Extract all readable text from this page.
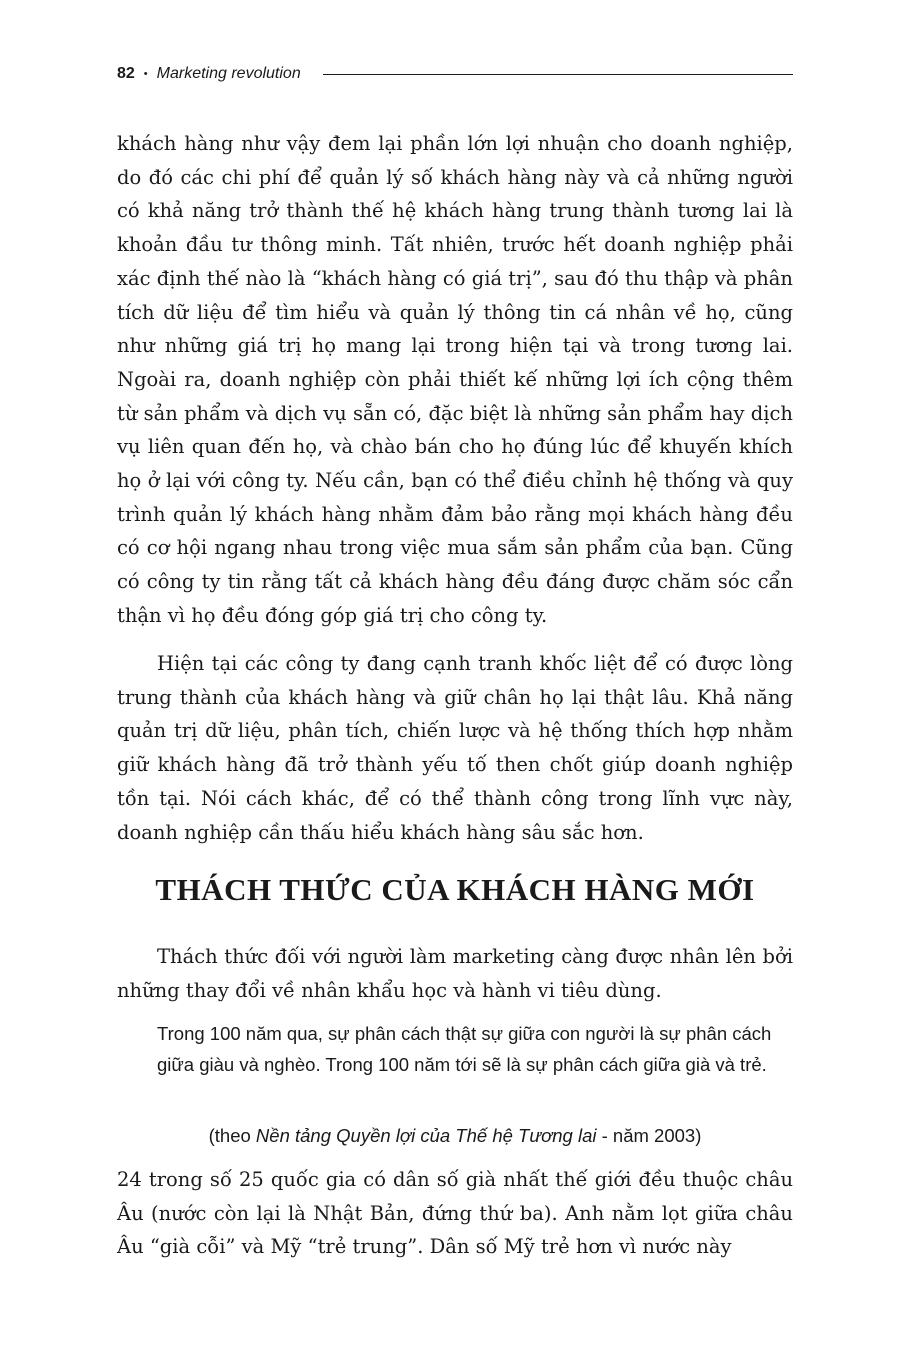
82 • Marketing revolution

khách hàng như vậy đem lại phần lớn lợi nhuận cho doanh nghiệp, do đó các chi phí để quản lý số khách hàng này và cả những người có khả năng trở thành thế hệ khách hàng trung thành tương lai là khoản đầu tư thông minh. Tất nhiên, trước hết doanh nghiệp phải xác định thế nào là “khách hàng có giá trị”, sau đó thu thập và phân tích dữ liệu để tìm hiểu và quản lý thông tin cá nhân về họ, cũng như những giá trị họ mang lại trong hiện tại và trong tương lai. Ngoài ra, doanh nghiệp còn phải thiết kế những lợi ích cộng thêm từ sản phẩm và dịch vụ sẵn có, đặc biệt là những sản phẩm hay dịch vụ liên quan đến họ, và chào bán cho họ đúng lúc để khuyến khích họ ở lại với công ty. Nếu cần, bạn có thể điều chỉnh hệ thống và quy trình quản lý khách hàng nhằm đảm bảo rằng mọi khách hàng đều có cơ hội ngang nhau trong việc mua sắm sản phẩm của bạn. Cũng có công ty tin rằng tất cả khách hàng đều đáng được chăm sóc cẩn thận vì họ đều đóng góp giá trị cho công ty.

Hiện tại các công ty đang cạnh tranh khốc liệt để có được lòng trung thành của khách hàng và giữ chân họ lại thật lâu. Khả năng quản trị dữ liệu, phân tích, chiến lược và hệ thống thích hợp nhằm giữ khách hàng đã trở thành yếu tố then chốt giúp doanh nghiệp tồn tại. Nói cách khác, để có thể thành công trong lĩnh vực này, doanh nghiệp cần thấu hiểu khách hàng sâu sắc hơn.

THÁCH THỨC CỦA KHÁCH HÀNG MỚI

Thách thức đối với người làm marketing càng được nhân lên bởi những thay đổi về nhân khẩu học và hành vi tiêu dùng.

Trong 100 năm qua, sự phân cách thật sự giữa con người là sự phân cách giữa giàu và nghèo. Trong 100 năm tới sẽ là sự phân cách giữa già và trẻ.

(theo Nền tảng Quyền lợi của Thế hệ Tương lai - năm 2003)

24 trong số 25 quốc gia có dân số già nhất thế giới đều thuộc châu Âu (nước còn lại là Nhật Bản, đứng thứ ba). Anh nằm lọt giữa châu Âu “già cỗi” và Mỹ “trẻ trung”. Dân số Mỹ trẻ hơn vì nước này
